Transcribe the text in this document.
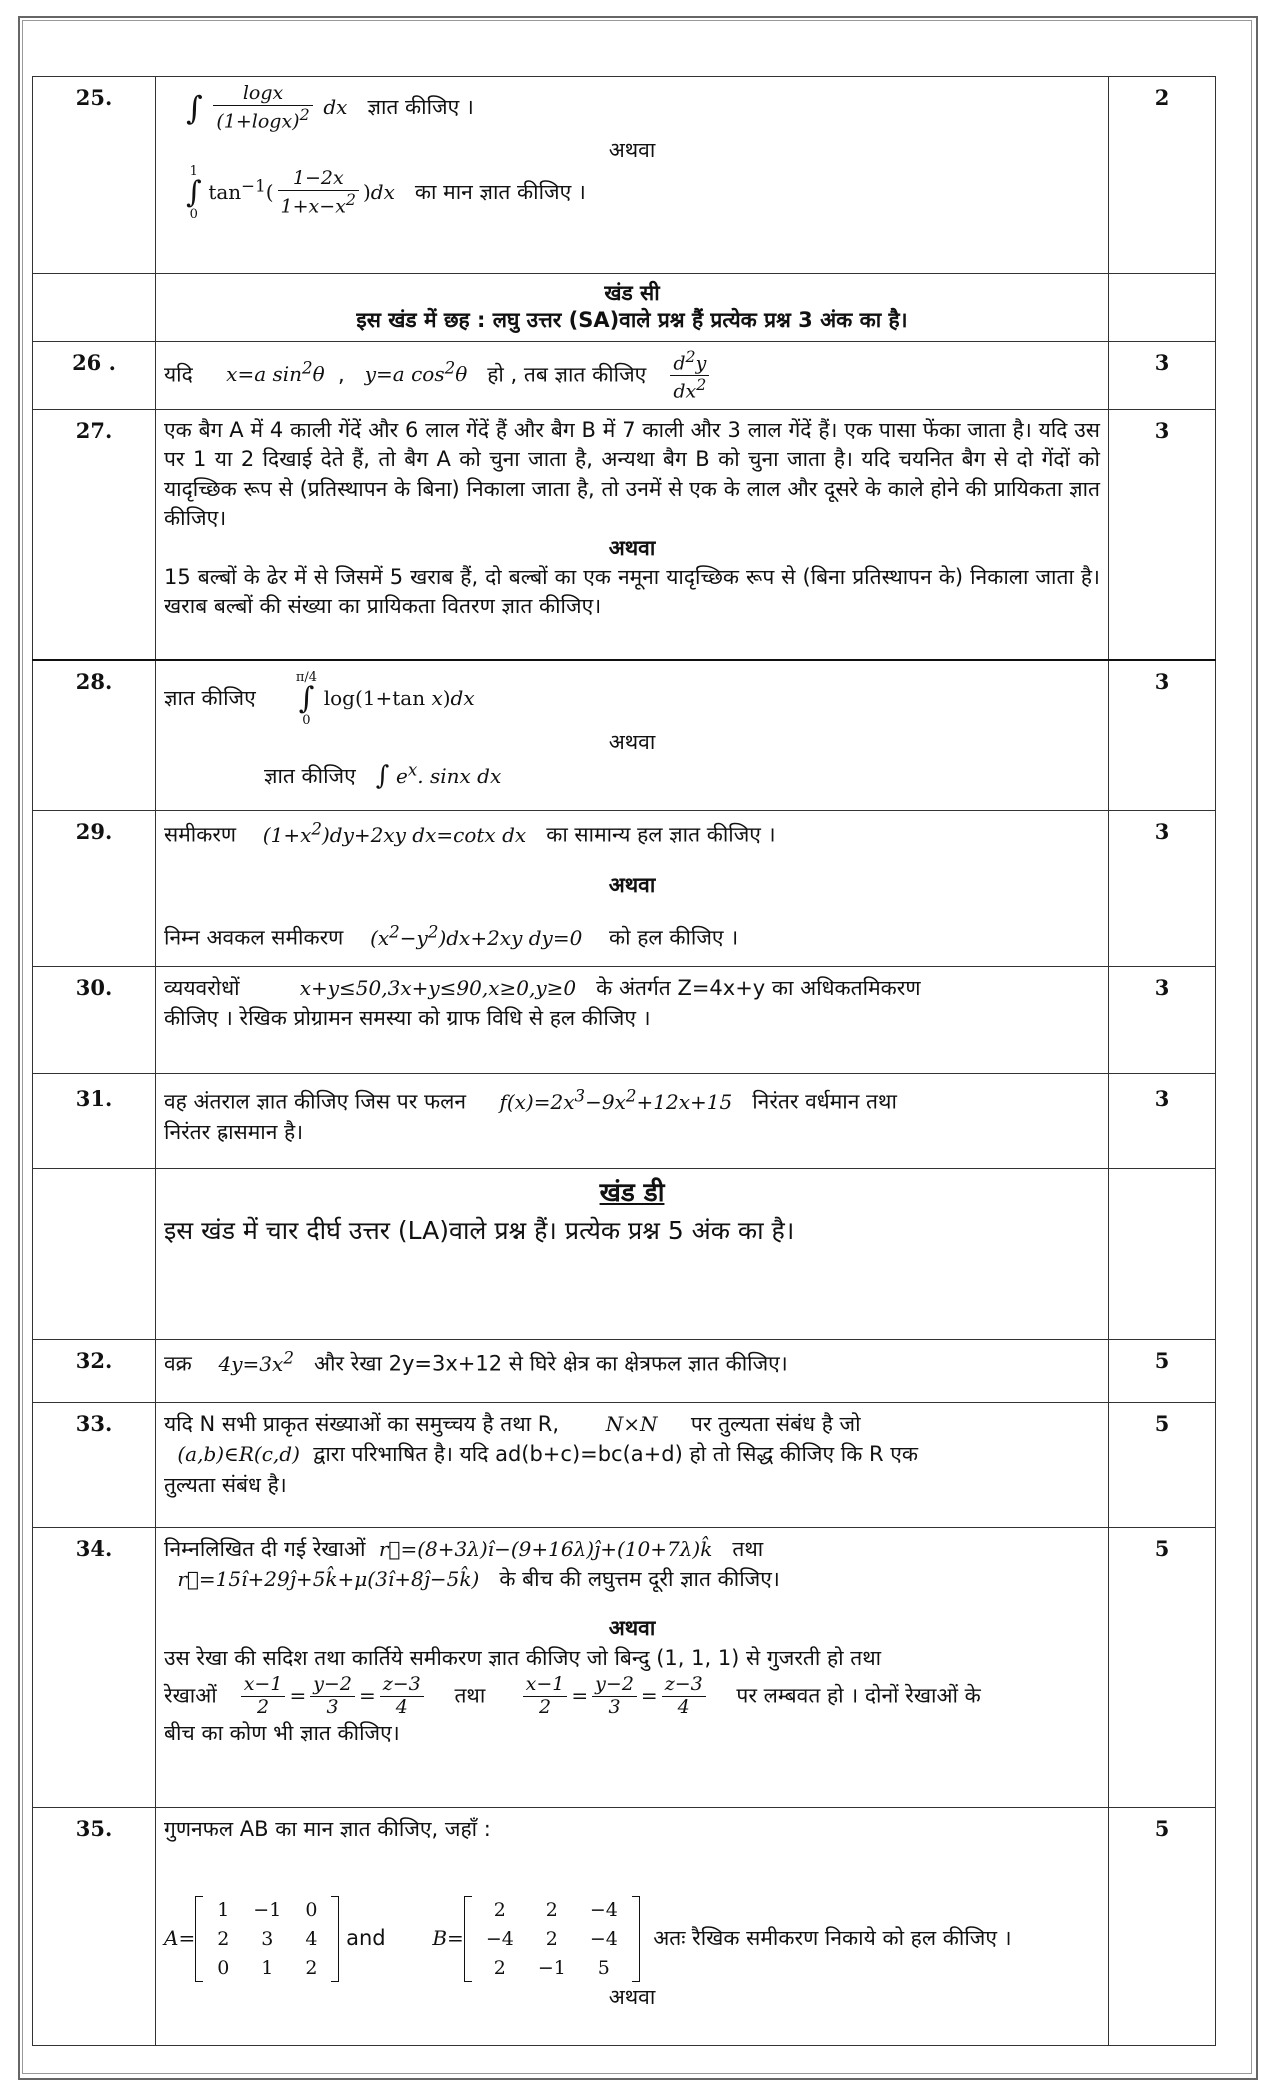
25.	∫ $\frac{\log x}{(1+\log x)^2}$ dx ज्ञात कीजिए ।
अथवा
1
∫
0 $\tan^{-1}( \frac{1-2x}{1+x-x^2} )dx$ का मान ज्ञात कीजिए ।
	2

खंड सी
इस खंड में छह : लघु उत्तर (SA)वाले प्रश्न हैं प्रत्येक प्रश्न 3 अंक का है।

26 .	यदि x=a $\sin^2\theta$  ,   y=a $\cos^2\theta$ हो , तब ज्ञात कीजिए $\frac{d^2y}{dx^2}$	3
27.	एक बैग A में 4 काली गेंदें और 6 लाल गेंदें हैं और बैग B में 7 काली और 3 लाल गेंदें हैं। एक पासा फेंका जाता है। यदि उस पर 1 या 2 दिखाई देते हैं, तो बैग A को चुना जाता है, अन्यथा बैग B को चुना जाता है। यदि चयनित बैग से दो गेंदों को यादृच्छिक रूप से (प्रतिस्थापन के बिना) निकाला जाता है, तो उनमें से एक के लाल और दूसरे के काले होने की प्रायिकता ज्ञात कीजिए।
अथवा
15 बल्बों के ढेर में से जिसमें 5 खराब हैं, दो बल्बों का एक नमूना यादृच्छिक रूप से (बिना प्रतिस्थापन के) निकाला जाता है। खराब बल्बों की संख्या का प्रायिकता वितरण ज्ञात कीजिए।
	3
28.	
ज्ञात कीजिए      π/4
∫
0 log(1+tan x)dx
अथवा
ज्ञात कीजिए ∫ $e^x$. sinx dx
	3
29.	समीकरण $(1+x^2)dy+2xy$ dx=cotx dx का सामान्य हल ज्ञात कीजिए ।
अथवा
निम्न अवकल समीकरण $(x^2-y^2)dx+2xy$ dy=0 को हल कीजिए ।
	3
30.	व्ययवरोधों	x+y≤50,3x+y≤90,x≥0,y≥0 के अंतर्गत Z=4x+y का अधिकतमिकरण
कीजिए । रेखिक प्रोग्रामन समस्या को ग्राफ विधि से हल कीजिए ।
	3
31.	वह अंतराल ज्ञात कीजिए जिस पर फलन $f(x)=2x^3-9x^2+12x+15$ निरंतर वर्धमान तथा
निरंतर ह्रासमान है।
	3

खंड डी
इस खंड में चार दीर्घ उत्तर (LA)वाले प्रश्न हैं। प्रत्येक प्रश्न 5 अंक का है।

32.	वक्र $4y=3x^2$ और रेखा 2y=3x+12 से घिरे क्षेत्र का क्षेत्रफल ज्ञात कीजिए।	5
33.	यदि N सभी प्राकृत संख्याओं का समुच्चय है तथा R, N×N पर तुल्यता संबंध है जो
(a,b)∈R(c,d) द्वारा परिभाषित है। यदि ad(b+c)=bc(a+d) हो तो सिद्ध कीजिए कि R एक
तुल्यता संबंध है।
	5
34.	निम्नलिखित दी गई रेखाओं r⃗=(8+3λ)î−(9+16λ)ĵ+(10+7λ)k̂ तथा
r⃗=15î+29ĵ+5k̂+μ(3î+8ĵ−5k̂) के बीच की लघुत्तम दूरी ज्ञात कीजिए।
अथवा
उस रेखा की सदिश तथा कार्तिये समीकरण ज्ञात कीजिए जो बिन्दु (1, 1, 1) से गुजरती हो तथा
रेखाओं $\frac{x-1}{2} = \frac{y-2}{3} = \frac{z-3}{4}$ तथा $\frac{x-1}{2} = \frac{y-2}{3} = \frac{z-3}{4}$ पर लम्बवत हो । दोनों रेखाओं के
बीच का कोण भी ज्ञात कीजिए।
	5
35.	गुणनफल AB का मान ज्ञात कीजिए, जहाँ :
A=
1	−1	0
2	3	4
0	1	2
and B=
2	2	−4
−4	2	−4
2	−1	5
अतः रैखिक समीकरण निकाये को हल कीजिए ।
अथवा
	5
